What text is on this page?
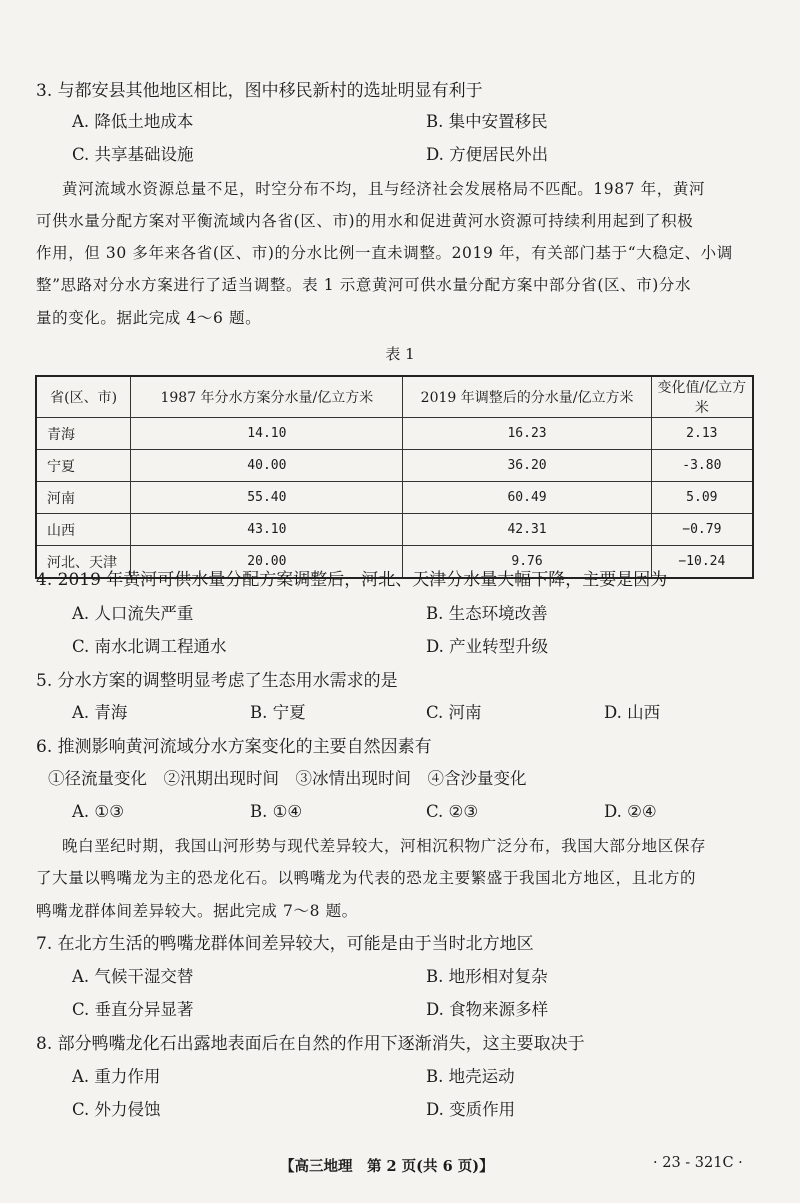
3. 与都安县其他地区相比，图中移民新村的选址明显有利于
A. 降低土地成本	B. 集中安置移民
C. 共享基础设施	D. 方便居民外出
黄河流域水资源总量不足，时空分布不均，且与经济社会发展格局不匹配。1987 年，黄河
可供水量分配方案对平衡流域内各省(区、市)的用水和促进黄河水资源可持续利用起到了积极
作用，但 30 多年来各省(区、市)的分水比例一直未调整。2019 年，有关部门基于“大稳定、小调
整”思路对分水方案进行了适当调整。表 1 示意黄河可供水量分配方案中部分省(区、市)分水
量的变化。据此完成 4～6 题。
表 1
省(区、市)	1987 年分水方案分水量/亿立方米	2019 年调整后的分水量/亿立方米	变化值/亿立方米
青海	14.10	16.23	2.13
宁夏	40.00	36.20	-3.80
河南	55.40	60.49	5.09
山西	43.10	42.31	−0.79
河北、天津	20.00	9.76	−10.24
4. 2019 年黄河可供水量分配方案调整后，河北、天津分水量大幅下降，主要是因为
A. 人口流失严重	B. 生态环境改善
C. 南水北调工程通水	D. 产业转型升级
5. 分水方案的调整明显考虑了生态用水需求的是
A. 青海	B. 宁夏	C. 河南	D. 山西
6. 推测影响黄河流域分水方案变化的主要自然因素有
①径流量变化　②汛期出现时间　③冰情出现时间　④含沙量变化
A. ①③	B. ①④	C. ②③	D. ②④
晚白垩纪时期，我国山河形势与现代差异较大，河相沉积物广泛分布，我国大部分地区保存
了大量以鸭嘴龙为主的恐龙化石。以鸭嘴龙为代表的恐龙主要繁盛于我国北方地区，且北方的
鸭嘴龙群体间差异较大。据此完成 7～8 题。
7. 在北方生活的鸭嘴龙群体间差异较大，可能是由于当时北方地区
A. 气候干湿交替	B. 地形相对复杂
C. 垂直分异显著	D. 食物来源多样
8. 部分鸭嘴龙化石出露地表面后在自然的作用下逐渐消失，这主要取决于
A. 重力作用	B. 地壳运动
C. 外力侵蚀	D. 变质作用
【高三地理　第 2 页(共 6 页)】	· 23 - 321C ·
